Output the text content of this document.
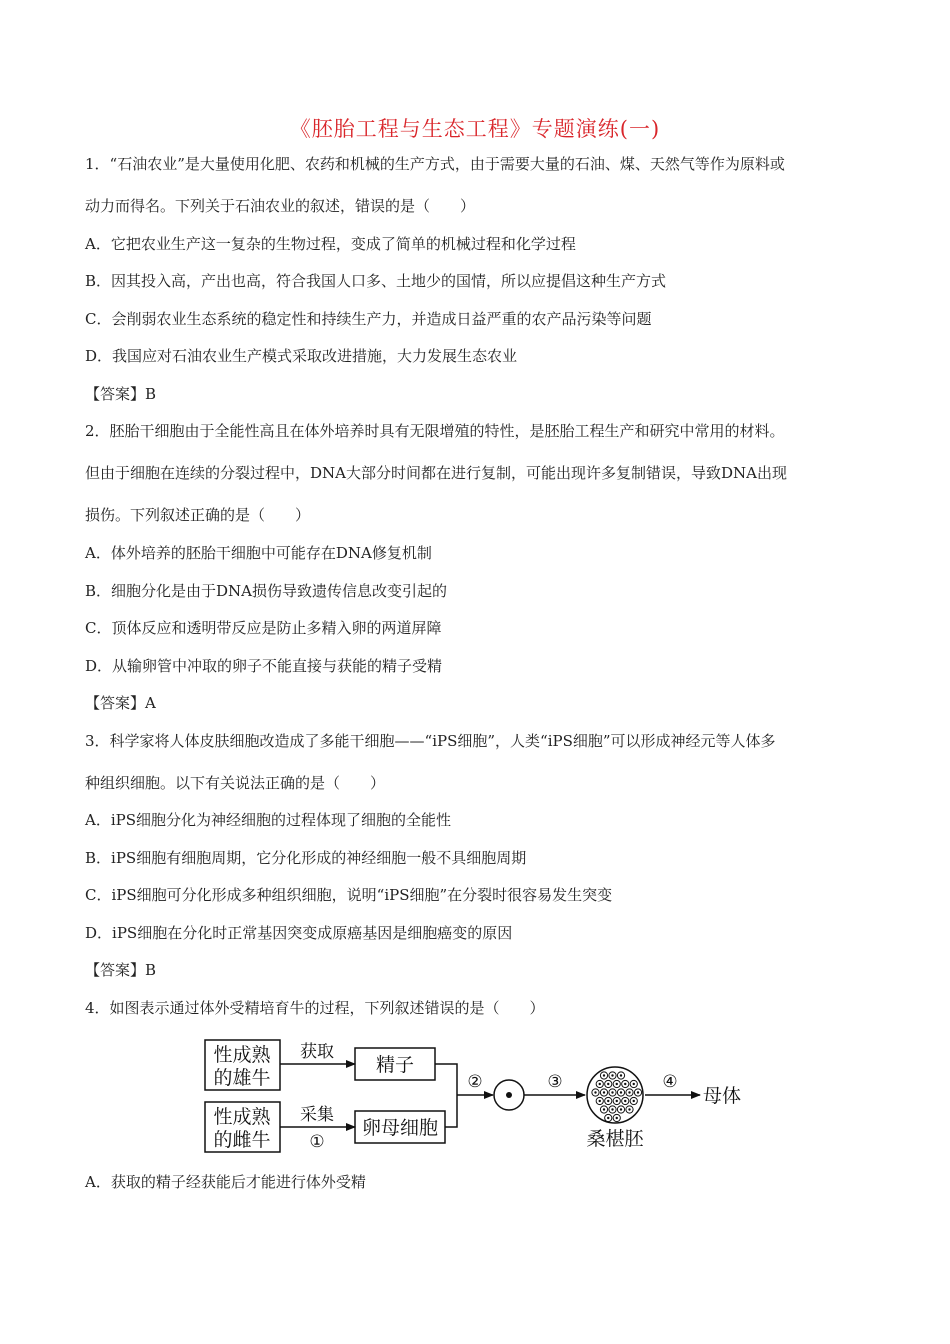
《胚胎工程与生态工程》专题演练(一)
1．“石油农业”是大量使用化肥、农药和机械的生产方式，由于需要大量的石油、煤、天然气等作为原料或
动力而得名。下列关于石油农业的叙述，错误的是（　　）
A．它把农业生产这一复杂的生物过程，变成了简单的机械过程和化学过程
B．因其投入高，产出也高，符合我国人口多、土地少的国情，所以应提倡这种生产方式
C．会削弱农业生态系统的稳定性和持续生产力，并造成日益严重的农产品污染等问题
D．我国应对石油农业生产模式采取改进措施，大力发展生态农业
【答案】B
2．胚胎干细胞由于全能性高且在体外培养时具有无限增殖的特性，是胚胎工程生产和研究中常用的材料。
但由于细胞在连续的分裂过程中，DNA大部分时间都在进行复制，可能出现许多复制错误，导致DNA出现
损伤。下列叙述正确的是（　　）
A．体外培养的胚胎干细胞中可能存在DNA修复机制
B．细胞分化是由于DNA损伤导致遗传信息改变引起的
C．顶体反应和透明带反应是防止多精入卵的两道屏障
D．从输卵管中冲取的卵子不能直接与获能的精子受精
【答案】A
3．科学家将人体皮肤细胞改造成了多能干细胞——“iPS细胞”，人类“iPS细胞”可以形成神经元等人体多
种组织细胞。以下有关说法正确的是（　　）
A．iPS细胞分化为神经细胞的过程体现了细胞的全能性
B．iPS细胞有细胞周期，它分化形成的神经细胞一般不具细胞周期
C．iPS细胞可分化形成多种组织细胞，说明“iPS细胞”在分裂时很容易发生突变
D．iPS细胞在分化时正常基因突变成原癌基因是细胞癌变的原因
【答案】B
4．如图表示通过体外受精培育牛的过程，下列叙述错误的是（　　）
性成熟
的雄牛
性成熟
的雌牛
获取
采集
①
精子
卵母细胞
②	③
桑椹胚
④
母体
A．获取的精子经获能后才能进行体外受精
